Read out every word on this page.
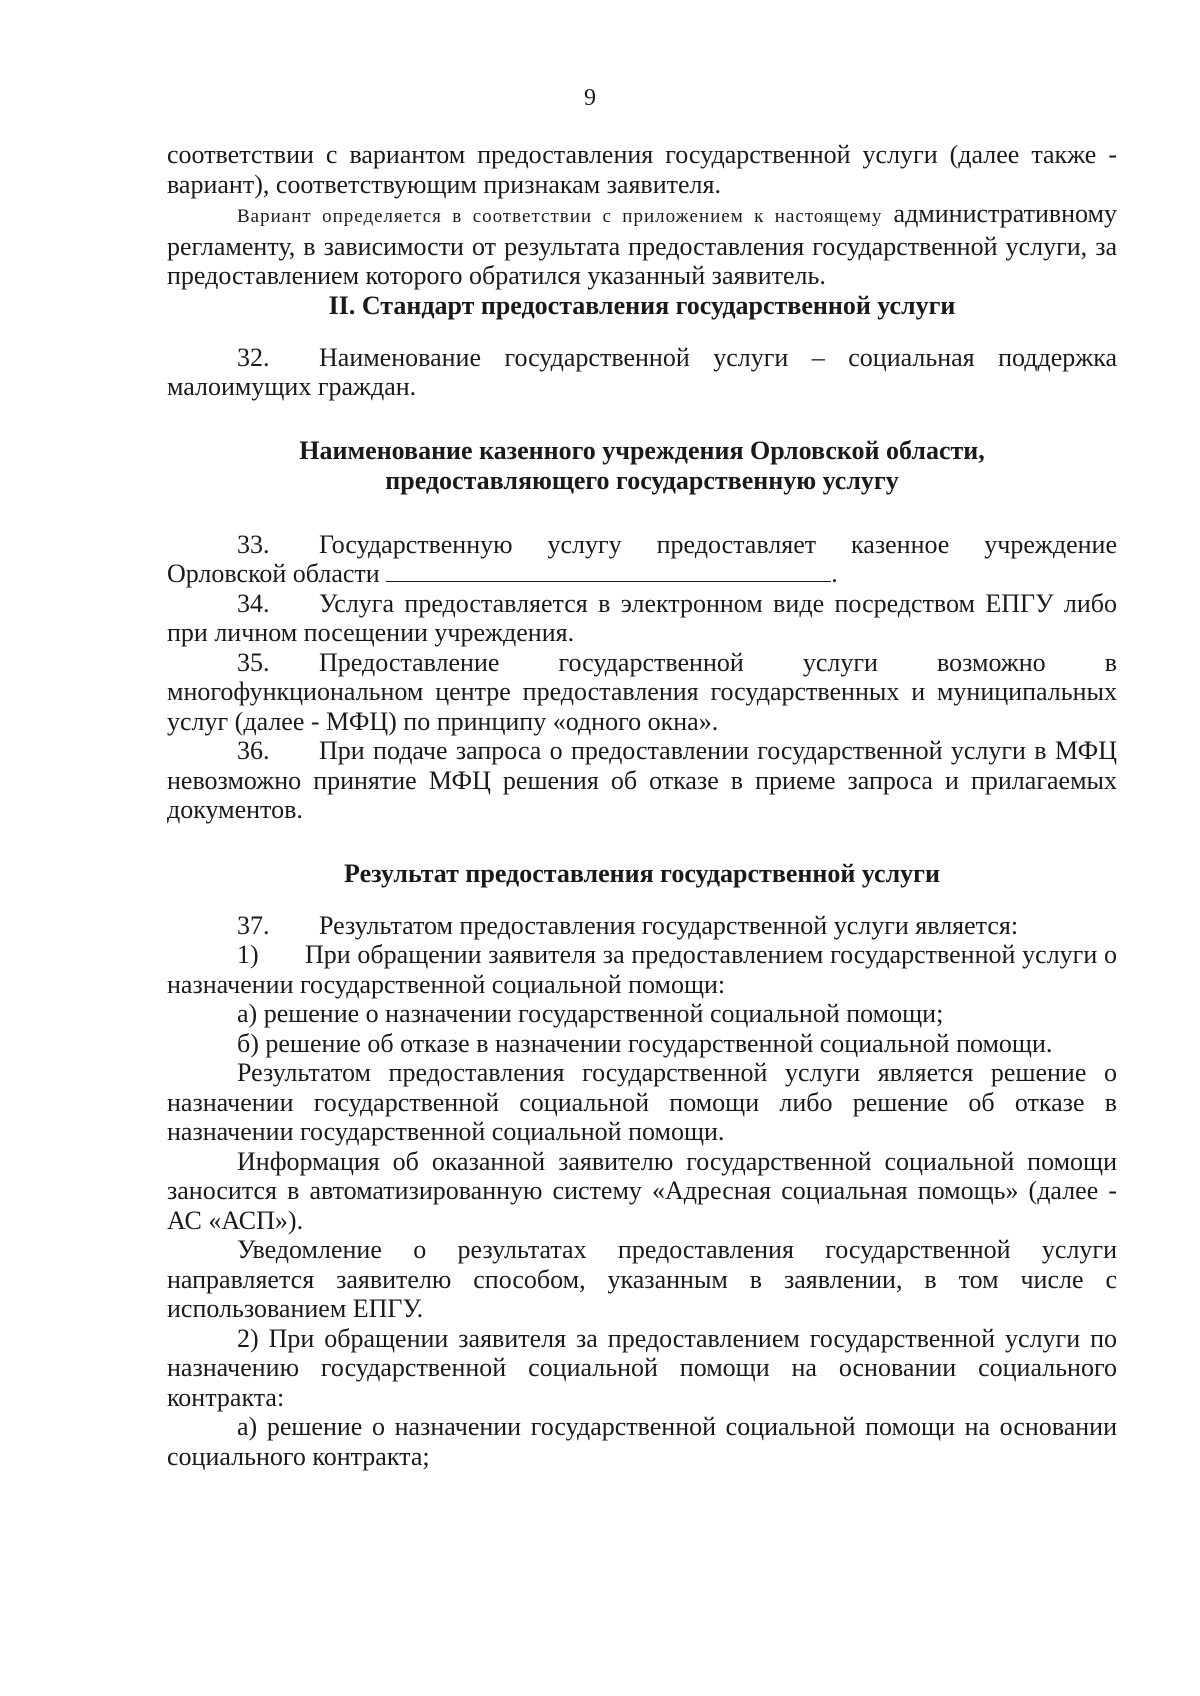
9

соответствии с вариантом предоставления государственной услуги (далее также - вариант), соответствующим признакам заявителя.

Вариант определяется в соответствии с приложением к настоящему административному регламенту, в зависимости от результата предоставления государственной услуги, за предоставлением которого обратился указанный заявитель.

II. Стандарт предоставления государственной услуги

32. Наименование государственной услуги – социальная поддержка малоимущих граждан.

Наименование казенного учреждения Орловской области,
предоставляющего государственную услугу

33. Государственную услугу предоставляет казенное учреждение Орловской области	.

34. Услуга предоставляется в электронном виде посредством ЕПГУ либо при личном посещении учреждения.

35. Предоставление государственной услуги возможно в многофункциональном центре предоставления государственных и муниципальных услуг (далее - МФЦ) по принципу «одного окна».

36. При подаче запроса о предоставлении государственной услуги в МФЦ невозможно принятие МФЦ решения об отказе в приеме запроса и прилагаемых документов.

Результат предоставления государственной услуги

37. Результатом предоставления государственной услуги является:

1) При обращении заявителя за предоставлением государственной услуги о назначении государственной социальной помощи:

а) решение о назначении государственной социальной помощи;

б) решение об отказе в назначении государственной социальной помощи.

Результатом предоставления государственной услуги является решение о назначении государственной социальной помощи либо решение об отказе в назначении государственной социальной помощи.

Информация об оказанной заявителю государственной социальной помощи заносится в автоматизированную систему «Адресная социальная помощь» (далее - АС «АСП»).

Уведомление о результатах предоставления государственной услуги направляется заявителю способом, указанным в заявлении, в том числе с использованием ЕПГУ.

2) При обращении заявителя за предоставлением государственной услуги по назначению государственной социальной помощи на основании социального контракта:

а) решение о назначении государственной социальной помощи на основании социального контракта;
